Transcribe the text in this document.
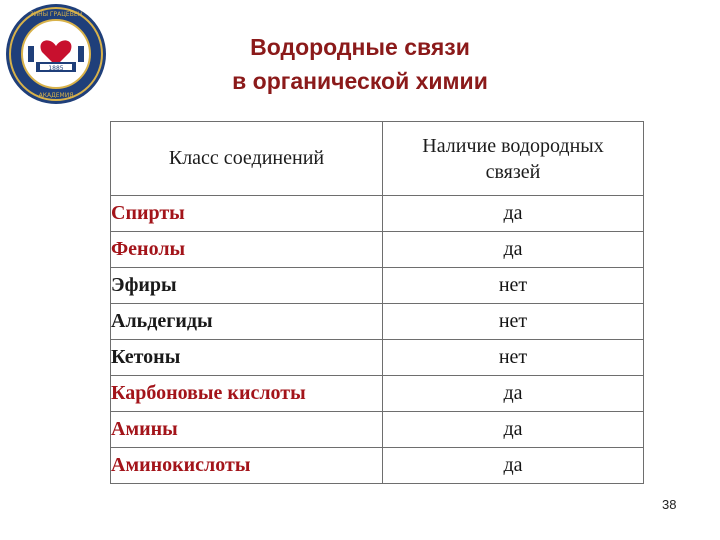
1885
ЗИНЫ ГРАЦЕВЕН
АКАДЕМИЯ
Водородные связи
в органической химии
Класс соединений	Наличие водородных
связей
Спирты	да
Фенолы	да
Эфиры	нет
Альдегиды	нет
Кетоны	нет
Карбоновые кислоты	да
Амины	да
Аминокислоты	да
38
